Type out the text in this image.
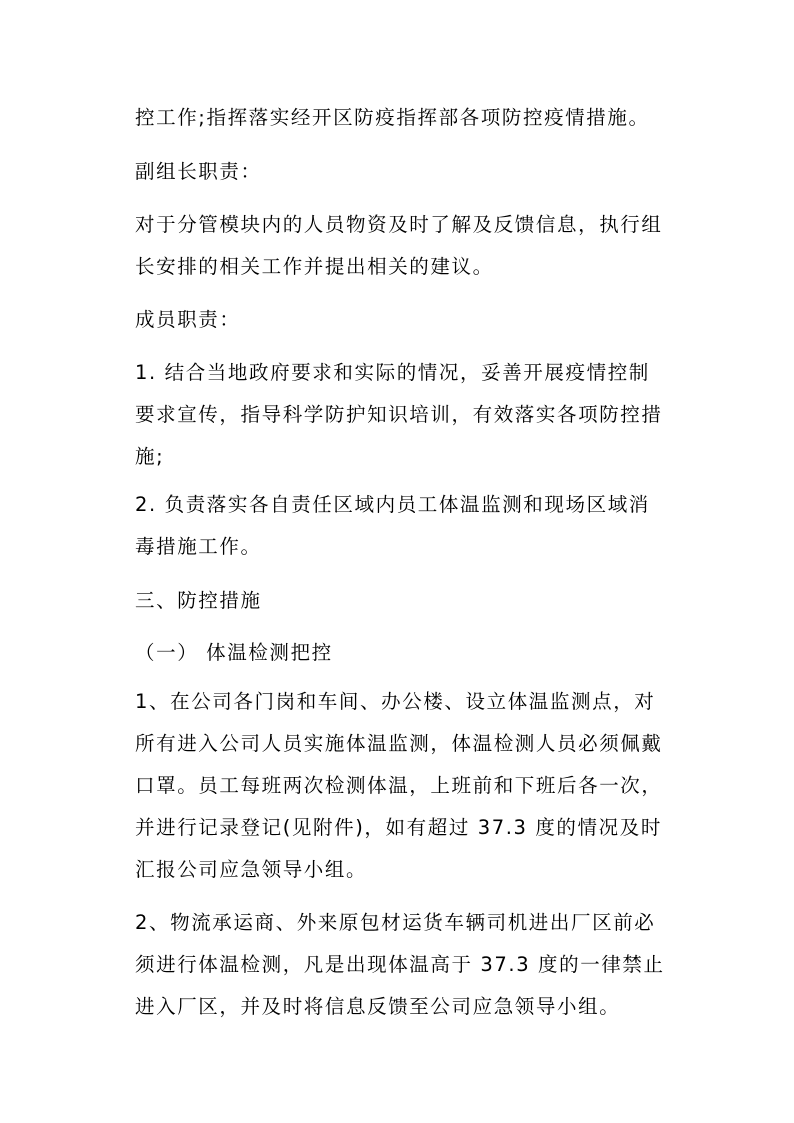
控工作;指挥落实经开区防疫指挥部各项防控疫情措施。
副组长职责：
对于分管模块内的人员物资及时了解及反馈信息，执行组
长安排的相关工作并提出相关的建议。
成员职责：
1. 结合当地政府要求和实际的情况，妥善开展疫情控制
要求宣传，指导科学防护知识培训，有效落实各项防控措
施;
2. 负责落实各自责任区域内员工体温监测和现场区域消
毒措施工作。
三、防控措施
（一） 体温检测把控
1、在公司各门岗和车间、办公楼、设立体温监测点，对
所有进入公司人员实施体温监测，体温检测人员必须佩戴
口罩。员工每班两次检测体温，上班前和下班后各一次，
并进行记录登记(见附件)，如有超过 37.3 度的情况及时
汇报公司应急领导小组。
2、物流承运商、外来原包材运货车辆司机进出厂区前必
须进行体温检测，凡是出现体温高于 37.3 度的一律禁止
进入厂区，并及时将信息反馈至公司应急领导小组。
